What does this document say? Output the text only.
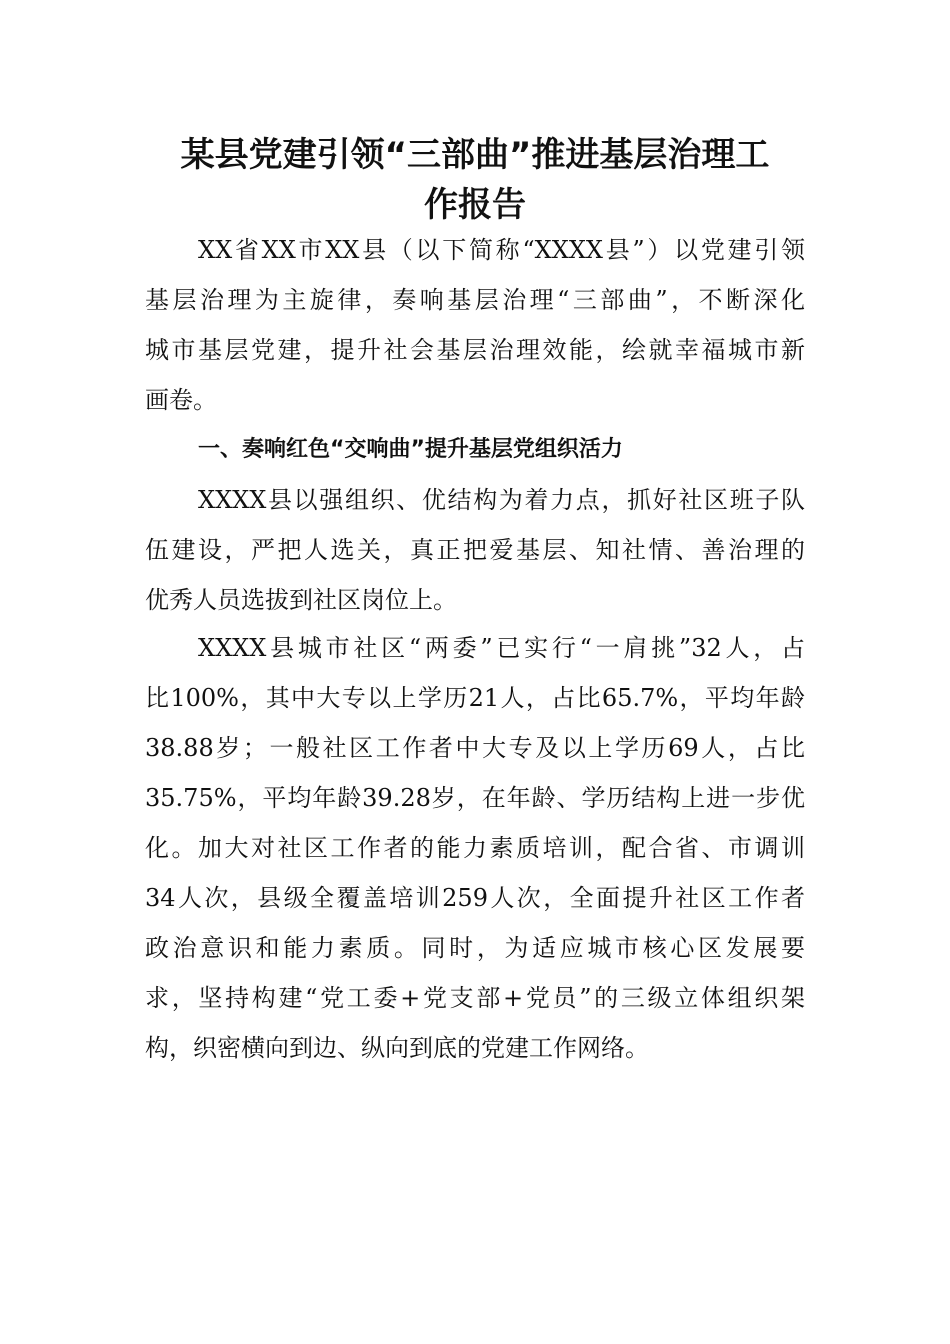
某县党建引领“三部曲”推进基层治理工
作报告
XX省XX市XX县（以下简称“XXXX县”）以党建引领
基层治理为主旋律，奏响基层治理“三部曲”，不断深化
城市基层党建，提升社会基层治理效能，绘就幸福城市新
画卷。
一、奏响红色“交响曲”提升基层党组织活力
XXXX县以强组织、优结构为着力点，抓好社区班子队
伍建设，严把人选关，真正把爱基层、知社情、善治理的
优秀人员选拔到社区岗位上。
XXXX县城市社区“两委”已实行“一肩挑”32人，占
比100%，其中大专以上学历21人，占比65.7%，平均年龄
38.88岁；一般社区工作者中大专及以上学历69人，占比
35.75%，平均年龄39.28岁，在年龄、学历结构上进一步优
化。加大对社区工作者的能力素质培训，配合省、市调训
34人次，县级全覆盖培训259人次，全面提升社区工作者
政治意识和能力素质。同时，为适应城市核心区发展要
求，坚持构建“党工委+党支部+党员”的三级立体组织架
构，织密横向到边、纵向到底的党建工作网络。
